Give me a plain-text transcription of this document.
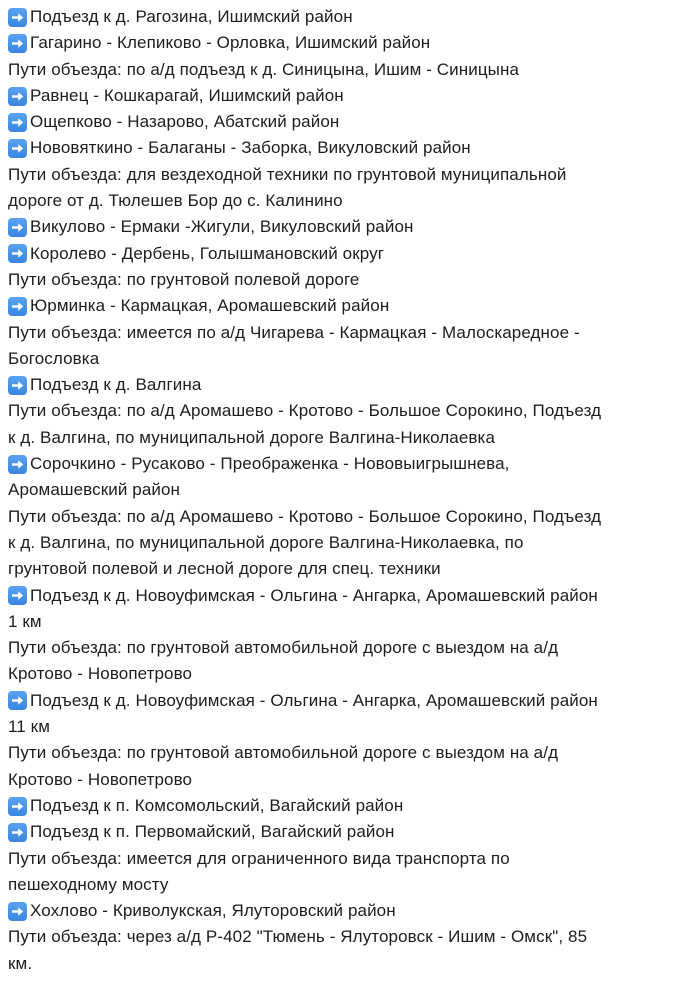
Подъезд к д. Рагозина, Ишимский район
Гагарино - Клепиково - Орловка, Ишимский район
Пути объезда: по а/д подъезд к д. Синицына, Ишим - Синицына
Равнец - Кошкарагай, Ишимский район
Ощепково - Назарово, Абатский район
Нововяткино - Балаганы - Заборка, Викуловский район
Пути объезда: для вездеходной техники по грунтовой муниципальной
дороге от д. Тюлешев Бор до с. Калинино
Викулово - Ермаки -Жигули, Викуловский район
Королево - Дербень, Голышмановский округ
Пути объезда: по грунтовой полевой дороге
Юрминка - Кармацкая, Аромашевский район
Пути объезда: имеется по а/д Чигарева - Кармацкая - Малоскаредное -
Богословка
Подъезд к д. Валгина
Пути объезда: по а/д Аромашево - Кротово - Большое Сорокино, Подъезд
к д. Валгина, по муниципальной дороге Валгина-Николаевка
Сорочкино - Русаково - Преображенка - Нововыигрышнева,
Аромашевский район
Пути объезда: по а/д Аромашево - Кротово - Большое Сорокино, Подъезд
к д. Валгина, по муниципальной дороге Валгина-Николаевка, по
грунтовой полевой и лесной дороге для спец. техники
Подъезд к д. Новоуфимская - Ольгина - Ангарка, Аромашевский район
1 км
Пути объезда: по грунтовой автомобильной дороге с выездом на а/д
Кротово - Новопетрово
Подъезд к д. Новоуфимская - Ольгина - Ангарка, Аромашевский район
11 км
Пути объезда: по грунтовой автомобильной дороге с выездом на а/д
Кротово - Новопетрово
Подъезд к п. Комсомольский, Вагайский район
Подъезд к п. Первомайский, Вагайский район
Пути объезда: имеется для ограниченного вида транспорта по
пешеходному мосту
Хохлово - Криволукская, Ялуторовский район
Пути объезда: через а/д Р-402 "Тюмень - Ялуторовск - Ишим - Омск", 85
км.
